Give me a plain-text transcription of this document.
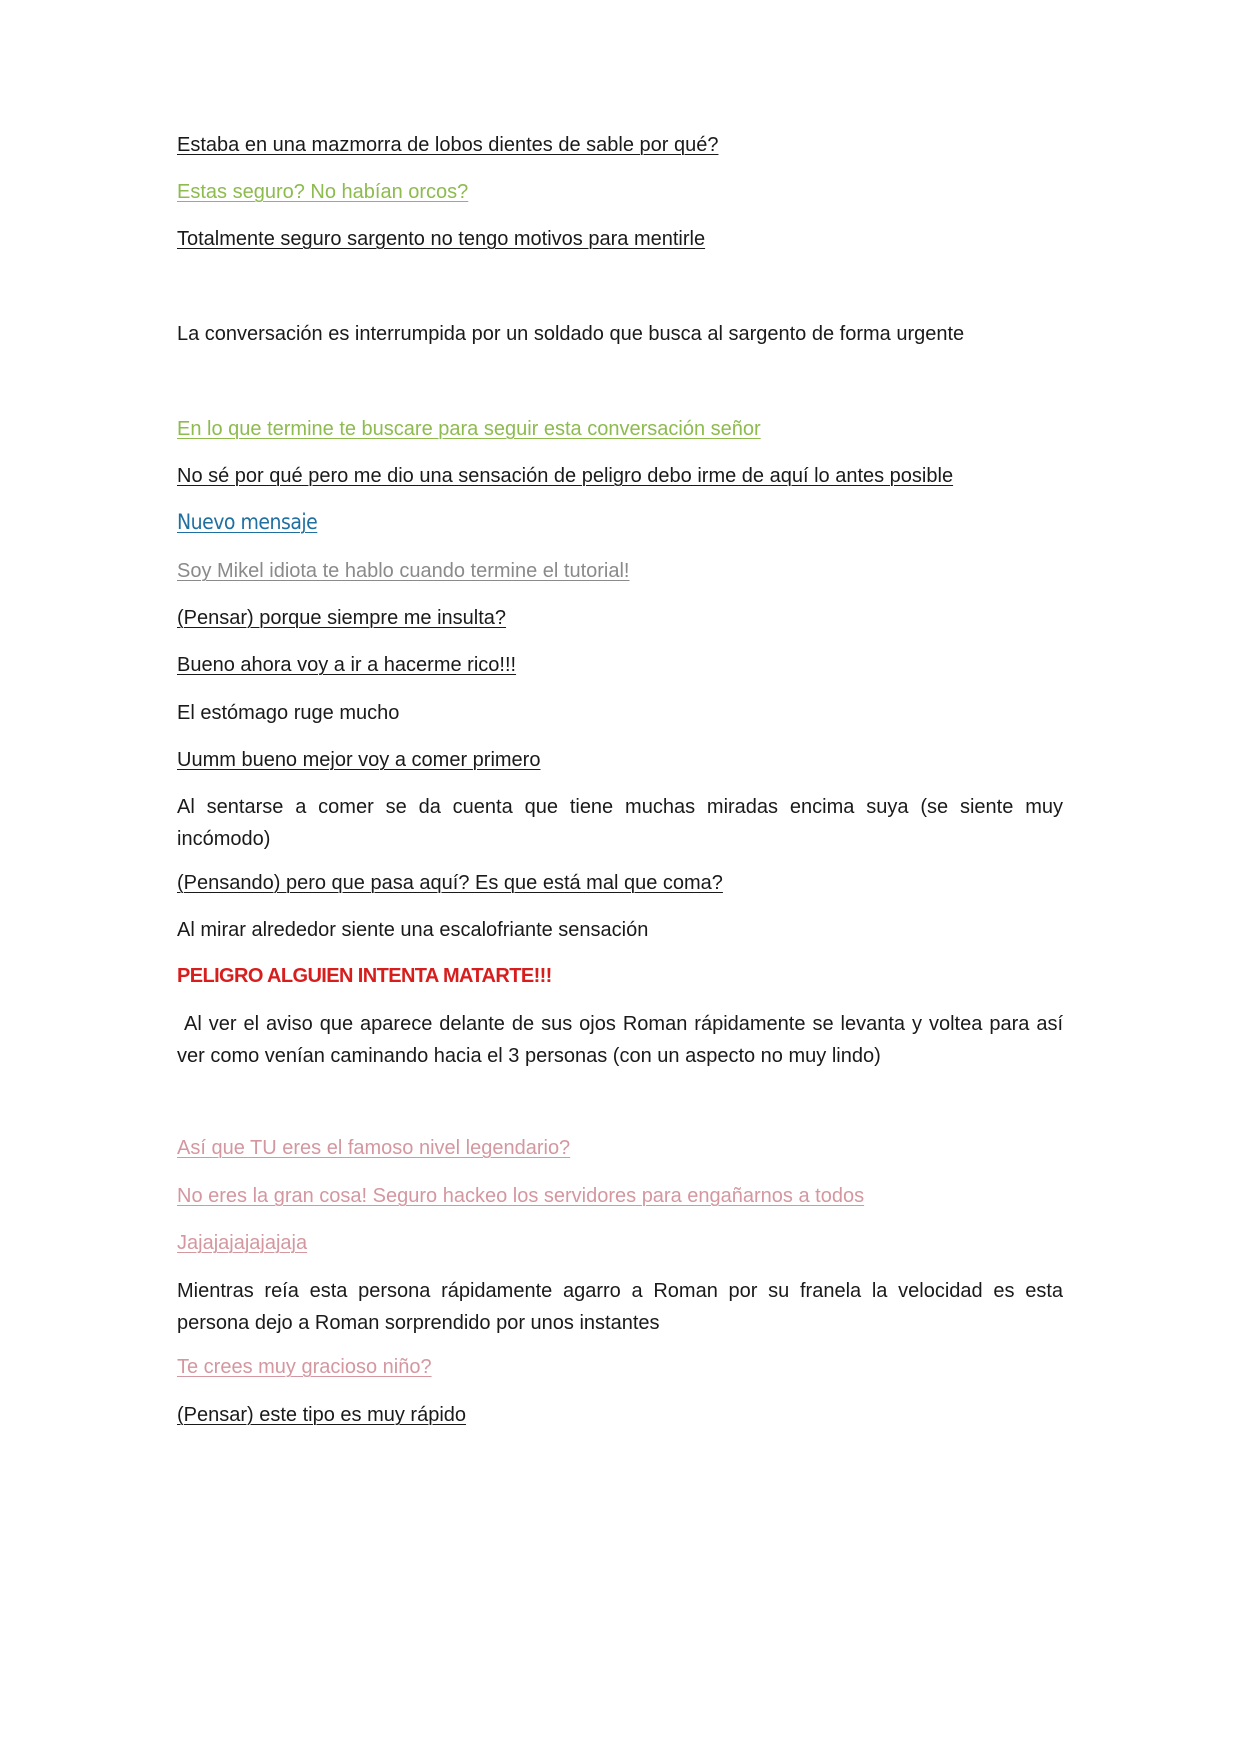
Estaba en una mazmorra de lobos dientes de sable por qué?

Estas seguro? No habían orcos?

Totalmente seguro sargento no tengo motivos para mentirle

La conversación es interrumpida por un soldado que busca al sargento de forma urgente

En lo que termine te buscare para seguir esta conversación señor

No sé por qué pero me dio una sensación de peligro debo irme de aquí lo antes posible

Nuevo mensaje

Soy Mikel idiota te hablo cuando termine el tutorial!

(Pensar) porque siempre me insulta?

Bueno ahora voy a ir a hacerme rico!!!

El estómago ruge mucho

Uumm bueno mejor voy a comer primero

Al sentarse a comer se da cuenta que tiene muchas miradas encima suya (se siente muy incómodo)

(Pensando) pero que pasa aquí? Es que está mal que coma?

Al mirar alrededor siente una escalofriante sensación

PELIGRO ALGUIEN INTENTA MATARTE!!!

Al ver el aviso que aparece delante de sus ojos Roman rápidamente se levanta y voltea para así ver como venían caminando hacia el 3 personas (con un aspecto no muy lindo)

Así que TU eres el famoso nivel legendario?

No eres la gran cosa! Seguro hackeo los servidores para engañarnos a todos

Jajajajajajajaja

Mientras reía esta persona rápidamente agarro a Roman por su franela la velocidad es esta persona dejo a Roman sorprendido por unos instantes

Te crees muy gracioso niño?

(Pensar) este tipo es muy rápido
